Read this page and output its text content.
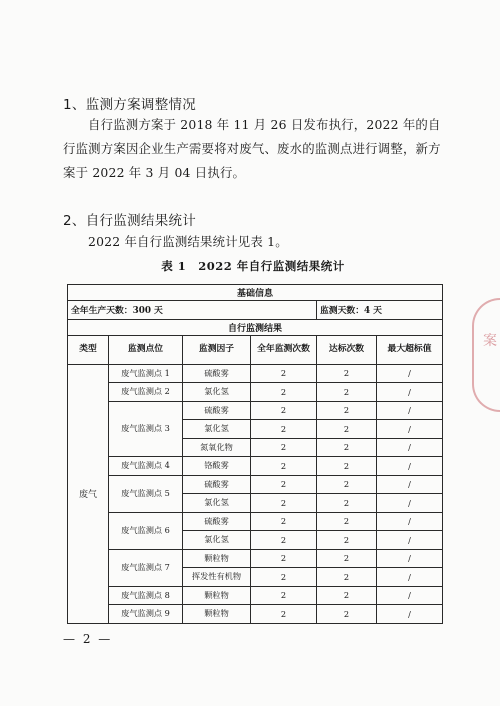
1、监测方案调整情况
自行监测方案于 2018 年 11 月 26 日发布执行，2022 年的自行监测方案因企业生产需要将对废气、废水的监测点进行调整，新方案于 2022 年 3 月 04 日执行。
2、自行监测结果统计
2022 年自行监测结果统计见表 1。
表 1　2022 年自行监测结果统计
基础信息					
全年生产天数：300 天				监测天数：4 天	
自行监测结果					
类型	监测点位	监测因子	全年监测次数	达标次数	最大超标值
废气	废气监测点 1	硫酸雾	2	2	/
	废气监测点 2	氯化氢	2	2	/
	废气监测点 3	硫酸雾	2	2	/
		氯化氢	2	2	/
		氮氧化物	2	2	/
	废气监测点 4	铬酸雾	2	2	/
	废气监测点 5	硫酸雾	2	2	/
		氯化氢	2	2	/
	废气监测点 6	硫酸雾	2	2	/
		氯化氢	2	2	/
	废气监测点 7	颗粒物	2	2	/
		挥发性有机物	2	2	/
	废气监测点 8	颗粒物	2	2	/
	废气监测点 9	颗粒物	2	2	/
— 2 —
案
